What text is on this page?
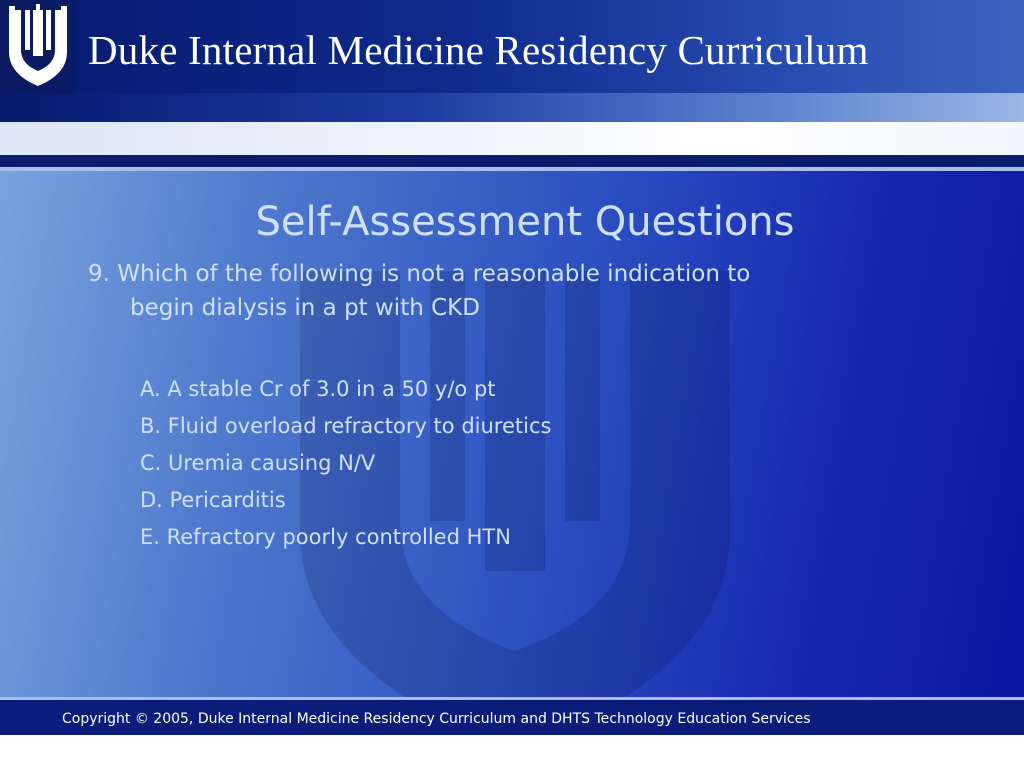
Duke Internal Medicine Residency Curriculum
Self-Assessment Questions
9. Which of the following is not a reasonable indication to
begin dialysis in a pt with CKD
A. A stable Cr of 3.0 in a 50 y/o pt
B. Fluid overload refractory to diuretics
C. Uremia causing N/V
D. Pericarditis
E. Refractory poorly controlled HTN
Copyright © 2005, Duke Internal Medicine Residency Curriculum and DHTS Technology Education Services
